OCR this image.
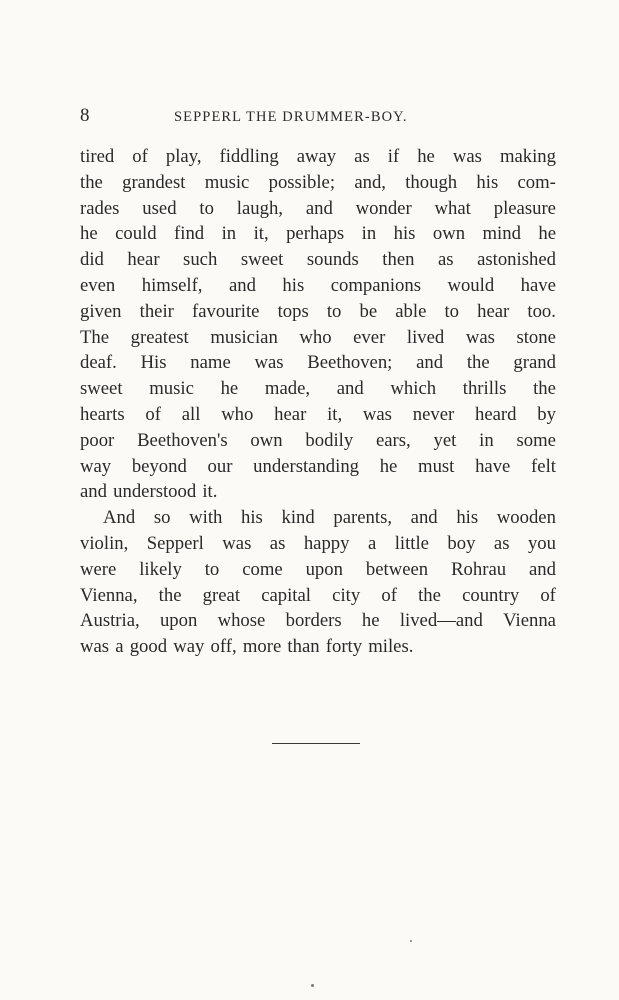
8	SEPPERL THE DRUMMER-BOY.
tired of play, fiddling away as if he was making
the grandest music possible; and, though his com-
rades used to laugh, and wonder what pleasure
he could find in it, perhaps in his own mind he
did hear such sweet sounds then as astonished
even himself, and his companions would have
given their favourite tops to be able to hear too.
The greatest musician who ever lived was stone
deaf. His name was Beethoven; and the grand
sweet music he made, and which thrills the
hearts of all who hear it, was never heard by
poor Beethoven's own bodily ears, yet in some
way beyond our understanding he must have felt
and understood it.
And so with his kind parents, and his wooden
violin, Sepperl was as happy a little boy as you
were likely to come upon between Rohrau and
Vienna, the great capital city of the country of
Austria, upon whose borders he lived—and Vienna
was a good way off, more than forty miles.
